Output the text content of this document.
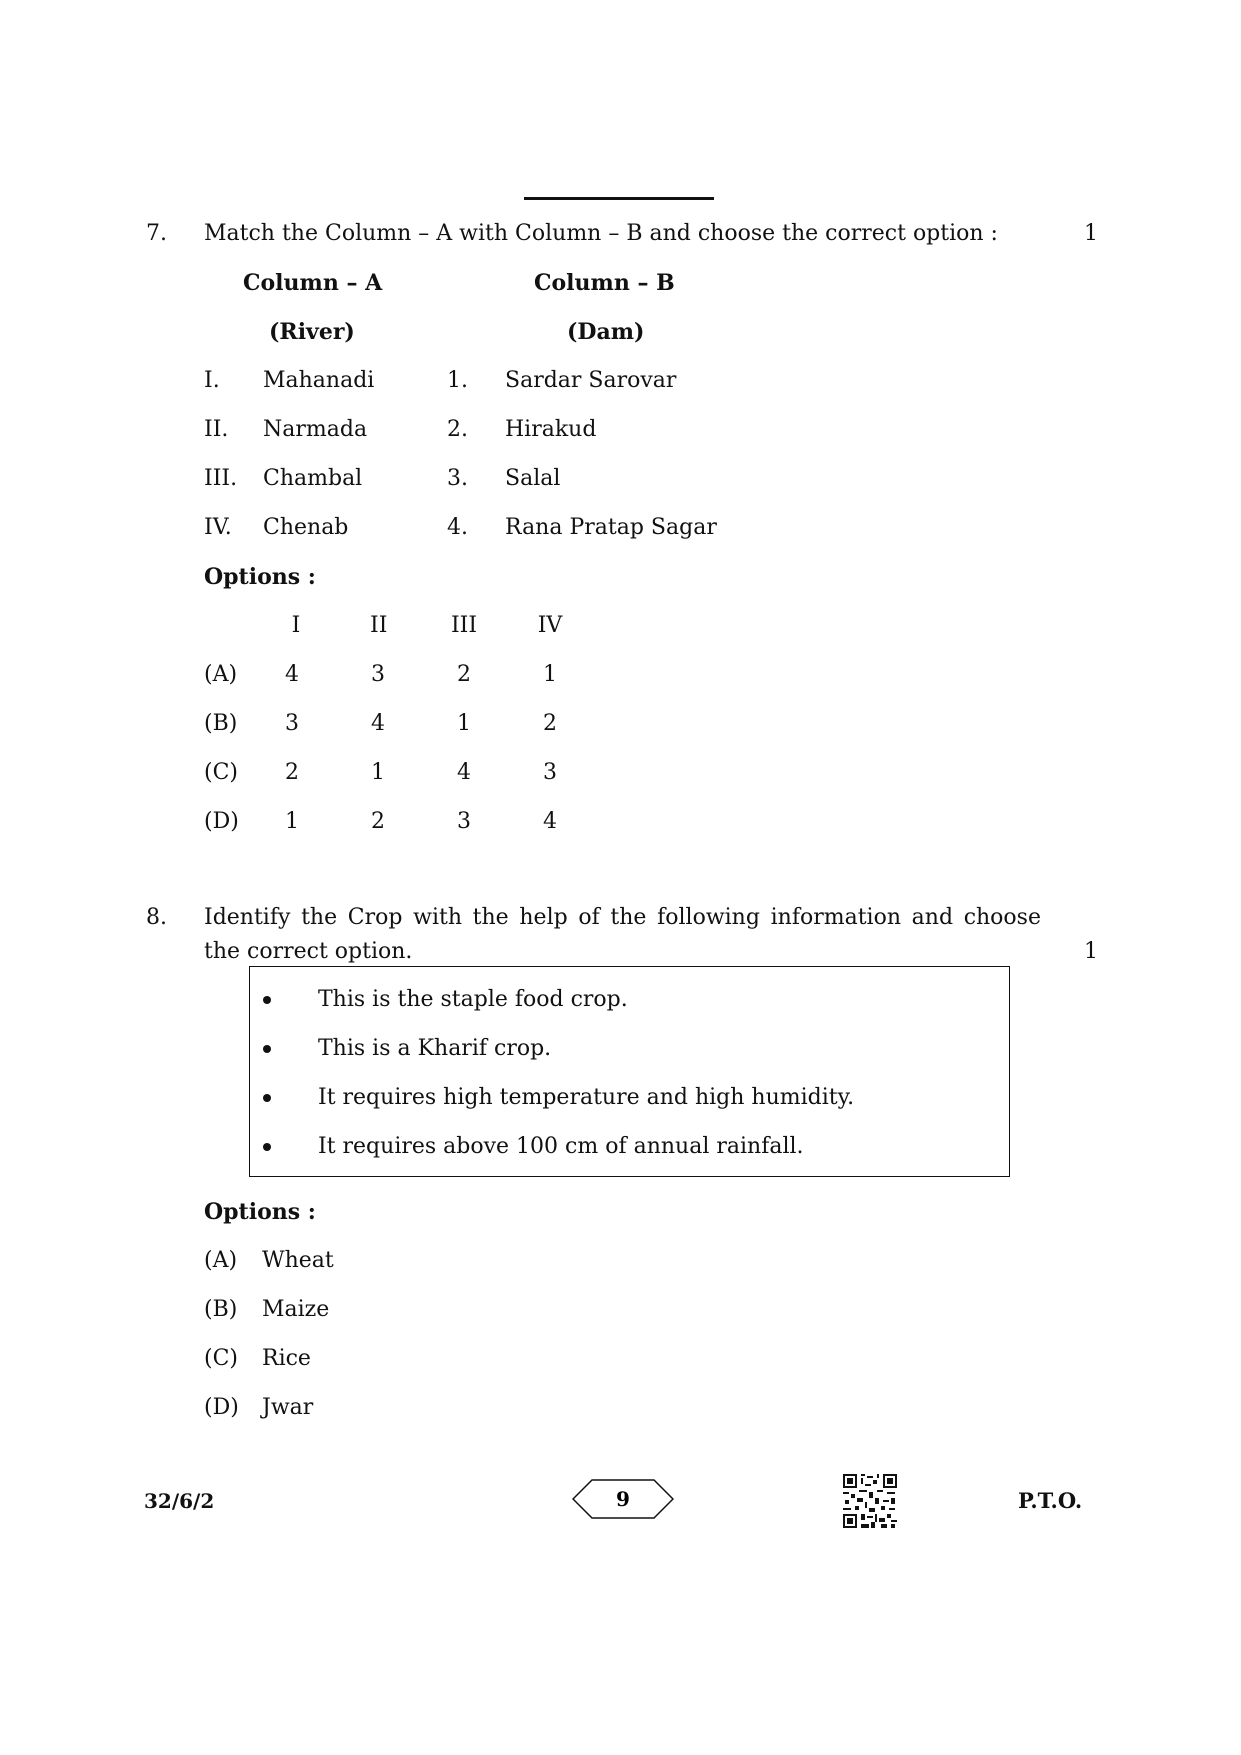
7. Match the Column – A with Column – B and choose the correct option :	1
Column – A	Column – B
(River)	(Dam)
I. Mahanadi	1. Sardar Sarovar
II. Narmada	2. Hirakud
III. Chambal	3. Salal
IV. Chenab	4. Rana Pratap Sagar
Options :
I	II	III	IV
(A) 4	3	2	1
(B) 3	4	1	2
(C) 2	1	4	3
(D) 1	2	3	4
8. Identify the Crop with the help of the following information and choose
the correct option.	1
This is the staple food crop.
This is a Kharif crop.
It requires high temperature and high humidity.
It requires above 100 cm of annual rainfall.
Options :
(A) Wheat
(B) Maize
(C) Rice
(D) Jwar
32/6/2	9	P.T.O.
